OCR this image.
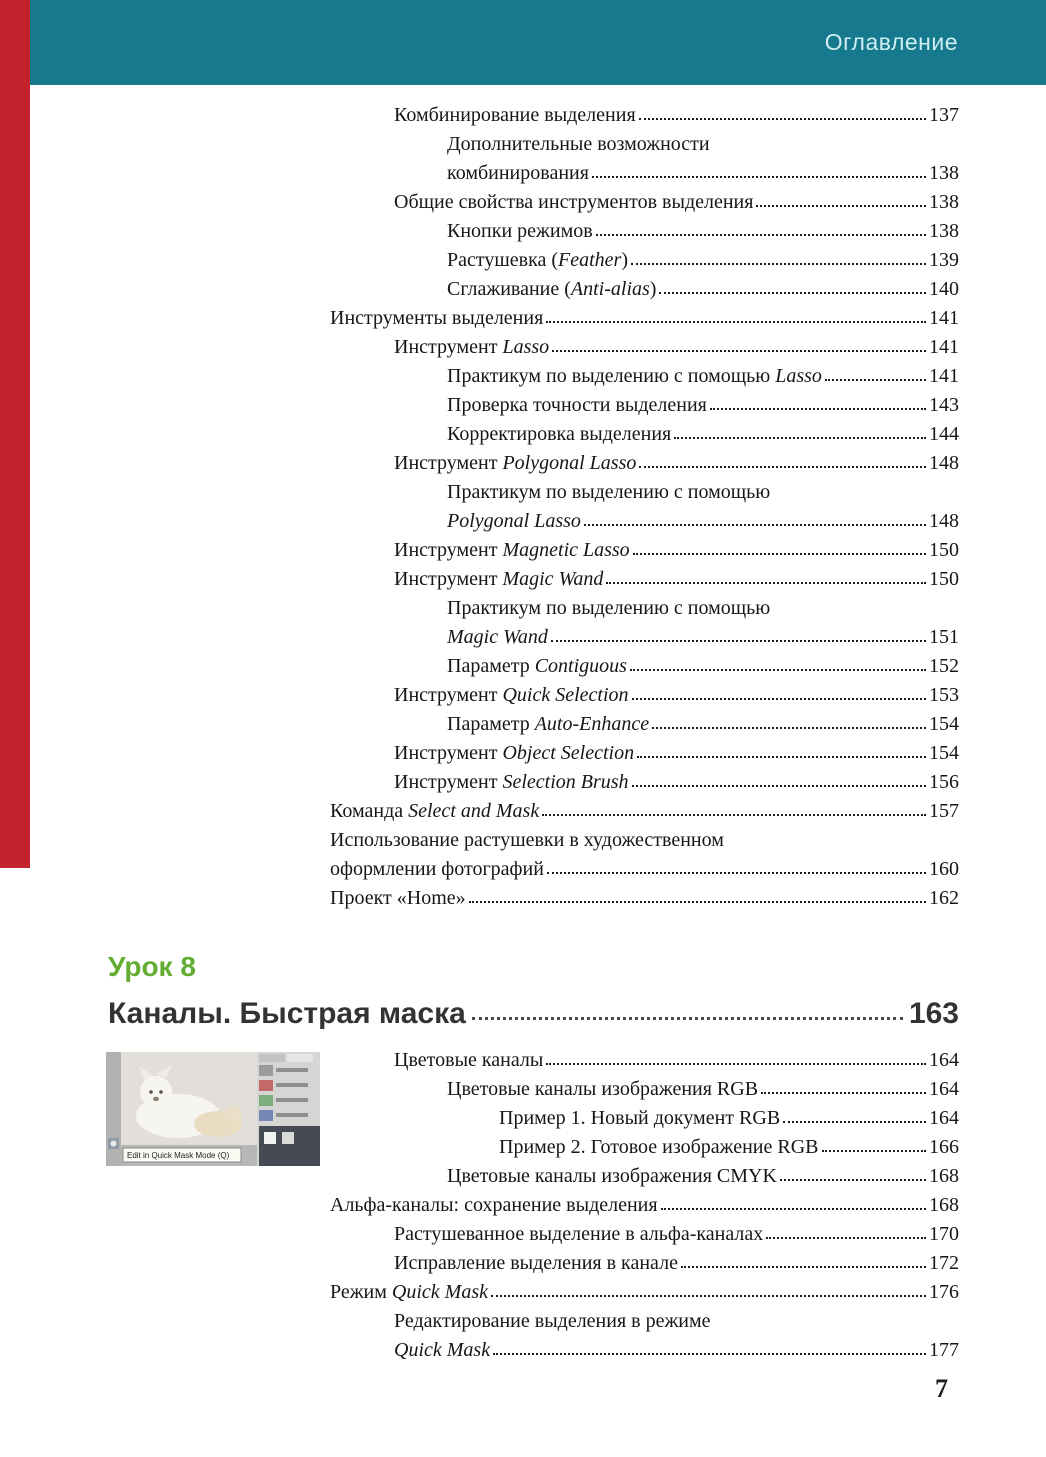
Оглавление
Комбинирование выделения	137
Дополнительные возможности
комбинирования	138
Общие свойства инструментов выделения	138
Кнопки режимов	138
Растушевка (Feather)	139
Сглаживание (Anti-alias)	140
Инструменты выделения	141
Инструмент Lasso	141
Практикум по выделению с помощью Lasso	141
Проверка точности выделения	143
Корректировка выделения	144
Инструмент Polygonal Lasso	148
Практикум по выделению с помощью
Polygonal Lasso	148
Инструмент Magnetic Lasso	150
Инструмент Magic Wand	150
Практикум по выделению с помощью
Magic Wand	151
Параметр Contiguous	152
Инструмент Quick Selection	153
Параметр Auto-Enhance	154
Инструмент Object Selection	154
Инструмент Selection Brush	156
Команда Select and Mask	157
Использование растушевки в художественном
оформлении фотографий	160
Проект «Home»	162
Урок 8
Каналы. Быстрая маска	163
Edit in Quick Mask Mode (Q)
Цветовые каналы	164
Цветовые каналы изображения RGB	164
Пример 1. Новый документ RGB	164
Пример 2. Готовое изображение RGB	166
Цветовые каналы изображения CMYK	168
Альфа-каналы: сохранение выделения	168
Растушеванное выделение в альфа-каналах	170
Исправление выделения в канале	172
Режим Quick Mask	176
Редактирование выделения в режиме
Quick Mask	177
7
